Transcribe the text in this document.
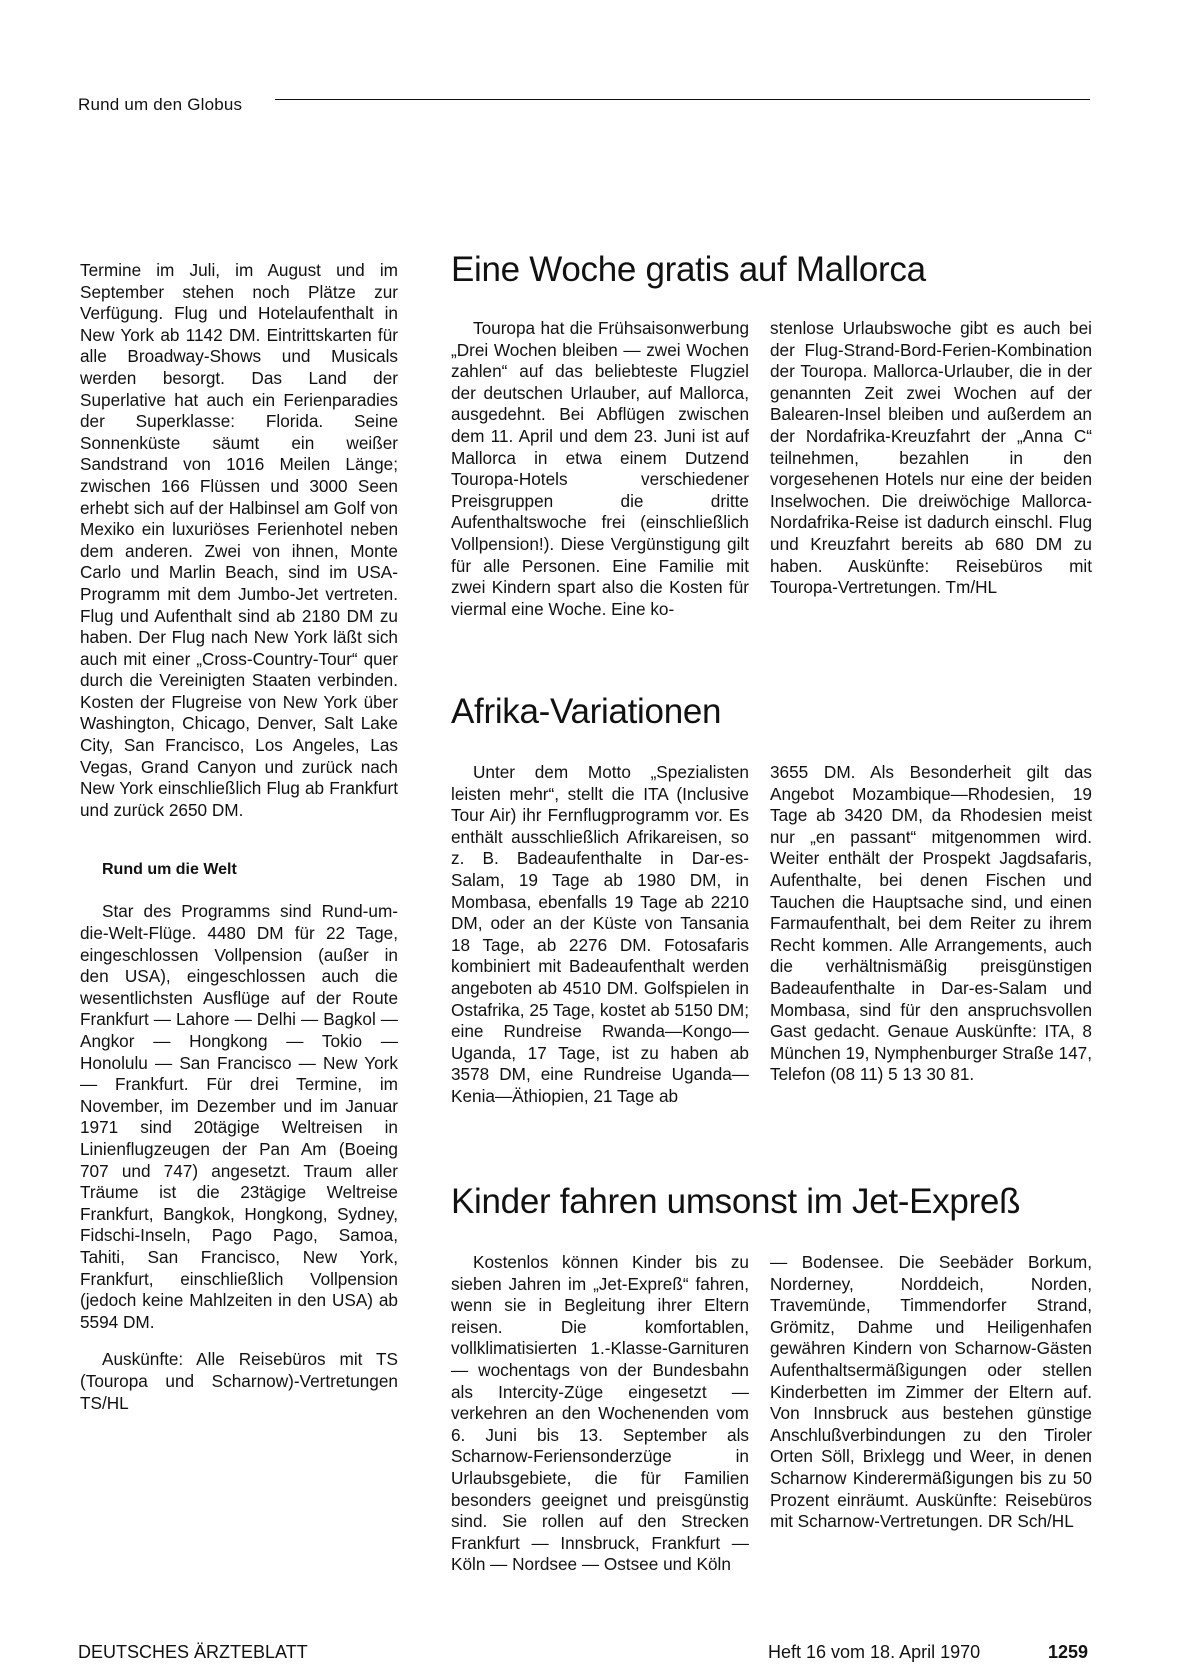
Rund um den Globus

Termine im Juli, im August und im September stehen noch Plätze zur Verfügung. Flug und Hotelaufenthalt in New York ab 1142 DM. Eintrittskarten für alle Broadway-Shows und Musicals werden besorgt. Das Land der Superlative hat auch ein Ferienparadies der Superklasse: Florida. Seine Sonnenküste säumt ein weißer Sandstrand von 1016 Meilen Länge; zwischen 166 Flüssen und 3000 Seen erhebt sich auf der Halbinsel am Golf von Mexiko ein luxuriöses Ferienhotel neben dem anderen. Zwei von ihnen, Monte Carlo und Marlin Beach, sind im USA-Programm mit dem Jumbo-Jet vertreten. Flug und Aufenthalt sind ab 2180 DM zu haben. Der Flug nach New York läßt sich auch mit einer „Cross-Country-Tour“ quer durch die Vereinigten Staaten verbinden. Kosten der Flugreise von New York über Washington, Chicago, Denver, Salt Lake City, San Francisco, Los Angeles, Las Vegas, Grand Canyon und zurück nach New York einschließlich Flug ab Frankfurt und zurück 2650 DM.

Rund um die Welt

Star des Programms sind Rund-um-die-Welt-Flüge. 4480 DM für 22 Tage, eingeschlossen Vollpension (außer in den USA), eingeschlossen auch die wesentlichsten Ausflüge auf der Route Frankfurt — Lahore — Delhi — Bagkol — Angkor — Hongkong — Tokio — Honolulu — San Francisco — New York — Frankfurt. Für drei Termine, im November, im Dezember und im Januar 1971 sind 20tägige Weltreisen in Linienflugzeugen der Pan Am (Boeing 707 und 747) angesetzt. Traum aller Träume ist die 23tägige Weltreise Frankfurt, Bangkok, Hongkong, Sydney, Fidschi-Inseln, Pago Pago, Samoa, Tahiti, San Francisco, New York, Frankfurt, einschließlich Vollpension (jedoch keine Mahlzeiten in den USA) ab 5594 DM.

Auskünfte: Alle Reisebüros mit TS (Touropa und Scharnow)-Vertretungen TS/HL

Eine Woche gratis auf Mallorca

Touropa hat die Frühsaisonwerbung „Drei Wochen bleiben — zwei Wochen zahlen“ auf das beliebteste Flugziel der deutschen Urlauber, auf Mallorca, ausgedehnt. Bei Abflügen zwischen dem 11. April und dem 23. Juni ist auf Mallorca in etwa einem Dutzend Touropa-Hotels verschiedener Preisgruppen die dritte Aufenthaltswoche frei (einschließlich Vollpension!). Diese Vergünstigung gilt für alle Personen. Eine Familie mit zwei Kindern spart also die Kosten für viermal eine Woche. Eine ko-

stenlose Urlaubswoche gibt es auch bei der Flug-Strand-Bord-Ferien-Kombination der Touropa. Mallorca-Urlauber, die in der genannten Zeit zwei Wochen auf der Balearen-Insel bleiben und außerdem an der Nordafrika-Kreuzfahrt der „Anna C“ teilnehmen, bezahlen in den vorgesehenen Hotels nur eine der beiden Inselwochen. Die dreiwöchige Mallorca-Nordafrika-Reise ist dadurch einschl. Flug und Kreuzfahrt bereits ab 680 DM zu haben. Auskünfte: Reisebüros mit Touropa-Vertretungen. Tm/HL

Afrika-Variationen

Unter dem Motto „Spezialisten leisten mehr“, stellt die ITA (Inclusive Tour Air) ihr Fernflugprogramm vor. Es enthält ausschließlich Afrikareisen, so z. B. Badeaufenthalte in Dar-es-Salam, 19 Tage ab 1980 DM, in Mombasa, ebenfalls 19 Tage ab 2210 DM, oder an der Küste von Tansania 18 Tage, ab 2276 DM. Fotosafaris kombiniert mit Badeaufenthalt werden angeboten ab 4510 DM. Golfspielen in Ostafrika, 25 Tage, kostet ab 5150 DM; eine Rundreise Rwanda—Kongo—Uganda, 17 Tage, ist zu haben ab 3578 DM, eine Rundreise Uganda—Kenia—Äthiopien, 21 Tage ab

3655 DM. Als Besonderheit gilt das Angebot Mozambique—Rhodesien, 19 Tage ab 3420 DM, da Rhodesien meist nur „en passant“ mitgenommen wird. Weiter enthält der Prospekt Jagdsafaris, Aufenthalte, bei denen Fischen und Tauchen die Hauptsache sind, und einen Farmaufenthalt, bei dem Reiter zu ihrem Recht kommen. Alle Arrangements, auch die verhältnismäßig preisgünstigen Badeaufenthalte in Dar-es-Salam und Mombasa, sind für den anspruchsvollen Gast gedacht. Genaue Auskünfte: ITA, 8 München 19, Nymphenburger Straße 147, Telefon (08 11) 5 13 30 81.

Kinder fahren umsonst im Jet-Expreß

Kostenlos können Kinder bis zu sieben Jahren im „Jet-Expreß“ fahren, wenn sie in Begleitung ihrer Eltern reisen. Die komfortablen, vollklimatisierten 1.-Klasse-Garnituren — wochentags von der Bundesbahn als Intercity-Züge eingesetzt — verkehren an den Wochenenden vom 6. Juni bis 13. September als Scharnow-Feriensonderzüge in Urlaubsgebiete, die für Familien besonders geeignet und preisgünstig sind. Sie rollen auf den Strecken Frankfurt — Innsbruck, Frankfurt — Köln — Nordsee — Ostsee und Köln

— Bodensee. Die Seebäder Borkum, Norderney, Norddeich, Norden, Travemünde, Timmendorfer Strand, Grömitz, Dahme und Heiligenhafen gewähren Kindern von Scharnow-Gästen Aufenthaltsermäßigungen oder stellen Kinderbetten im Zimmer der Eltern auf. Von Innsbruck aus bestehen günstige Anschlußverbindungen zu den Tiroler Orten Söll, Brixlegg und Weer, in denen Scharnow Kinderermäßigungen bis zu 50 Prozent einräumt. Auskünfte: Reisebüros mit Scharnow-Vertretungen. DR Sch/HL

DEUTSCHES ÄRZTEBLATT	Heft 16 vom 18. April 1970	1259
